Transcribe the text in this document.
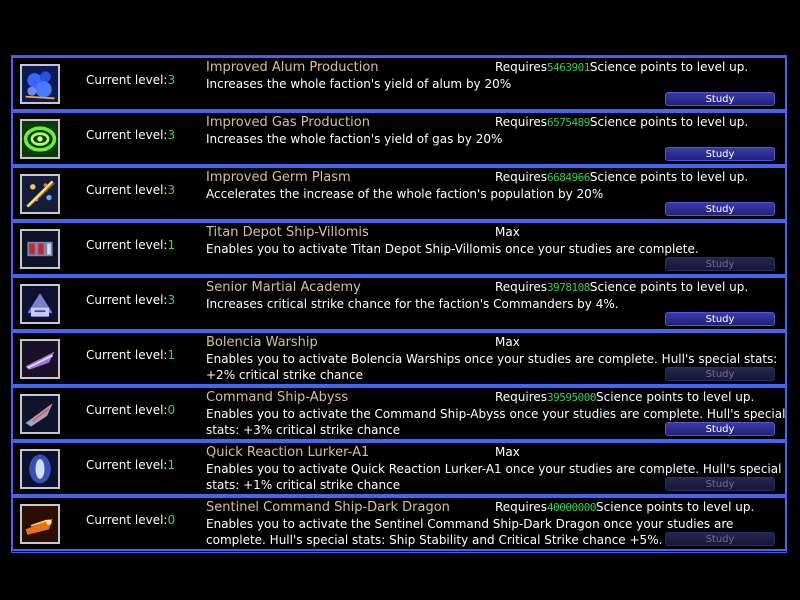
Current level:3
Improved Alum Production	Requires5463901Science points to level up.
Increases the whole faction's yield of alum by 20%
Study
Current level:3
Improved Gas Production	Requires6575489Science points to level up.
Increases the whole faction's yield of gas by 20%
Study
Current level:3
Improved Germ Plasm	Requires6684966Science points to level up.
Accelerates the increase of the whole faction's population by 20%
Study
Current level:1
Titan Depot Ship-Villomis	Max
Enables you to activate Titan Depot Ship-Villomis once your studies are complete.
Study
Current level:3
Senior Martial Academy	Requires3978108Science points to level up.
Increases critical strike chance for the faction's Commanders by 4%.
Study
Current level:1
Bolencia Warship	Max
Enables you to activate Bolencia Warships once your studies are complete. Hull's special stats: +2% critical strike chance	Study
Current level:0
Command Ship-Abyss	Requires39595000Science points to level up.
Enables you to activate the Command Ship-Abyss once your studies are complete. Hull's special stats: +3% critical strike chance	Study
Current level:1
Quick Reaction Lurker-A1	Max
Enables you to activate Quick Reaction Lurker-A1 once your studies are complete. Hull's special stats: +1% critical strike chance	Study
Current level:0
Sentinel Command Ship-Dark Dragon	Requires40000000Science points to level up.
Enables you to activate the Sentinel Command Ship-Dark Dragon once your studies are complete. Hull's special stats: Ship Stability and Critical Strike chance +5%.	Study
